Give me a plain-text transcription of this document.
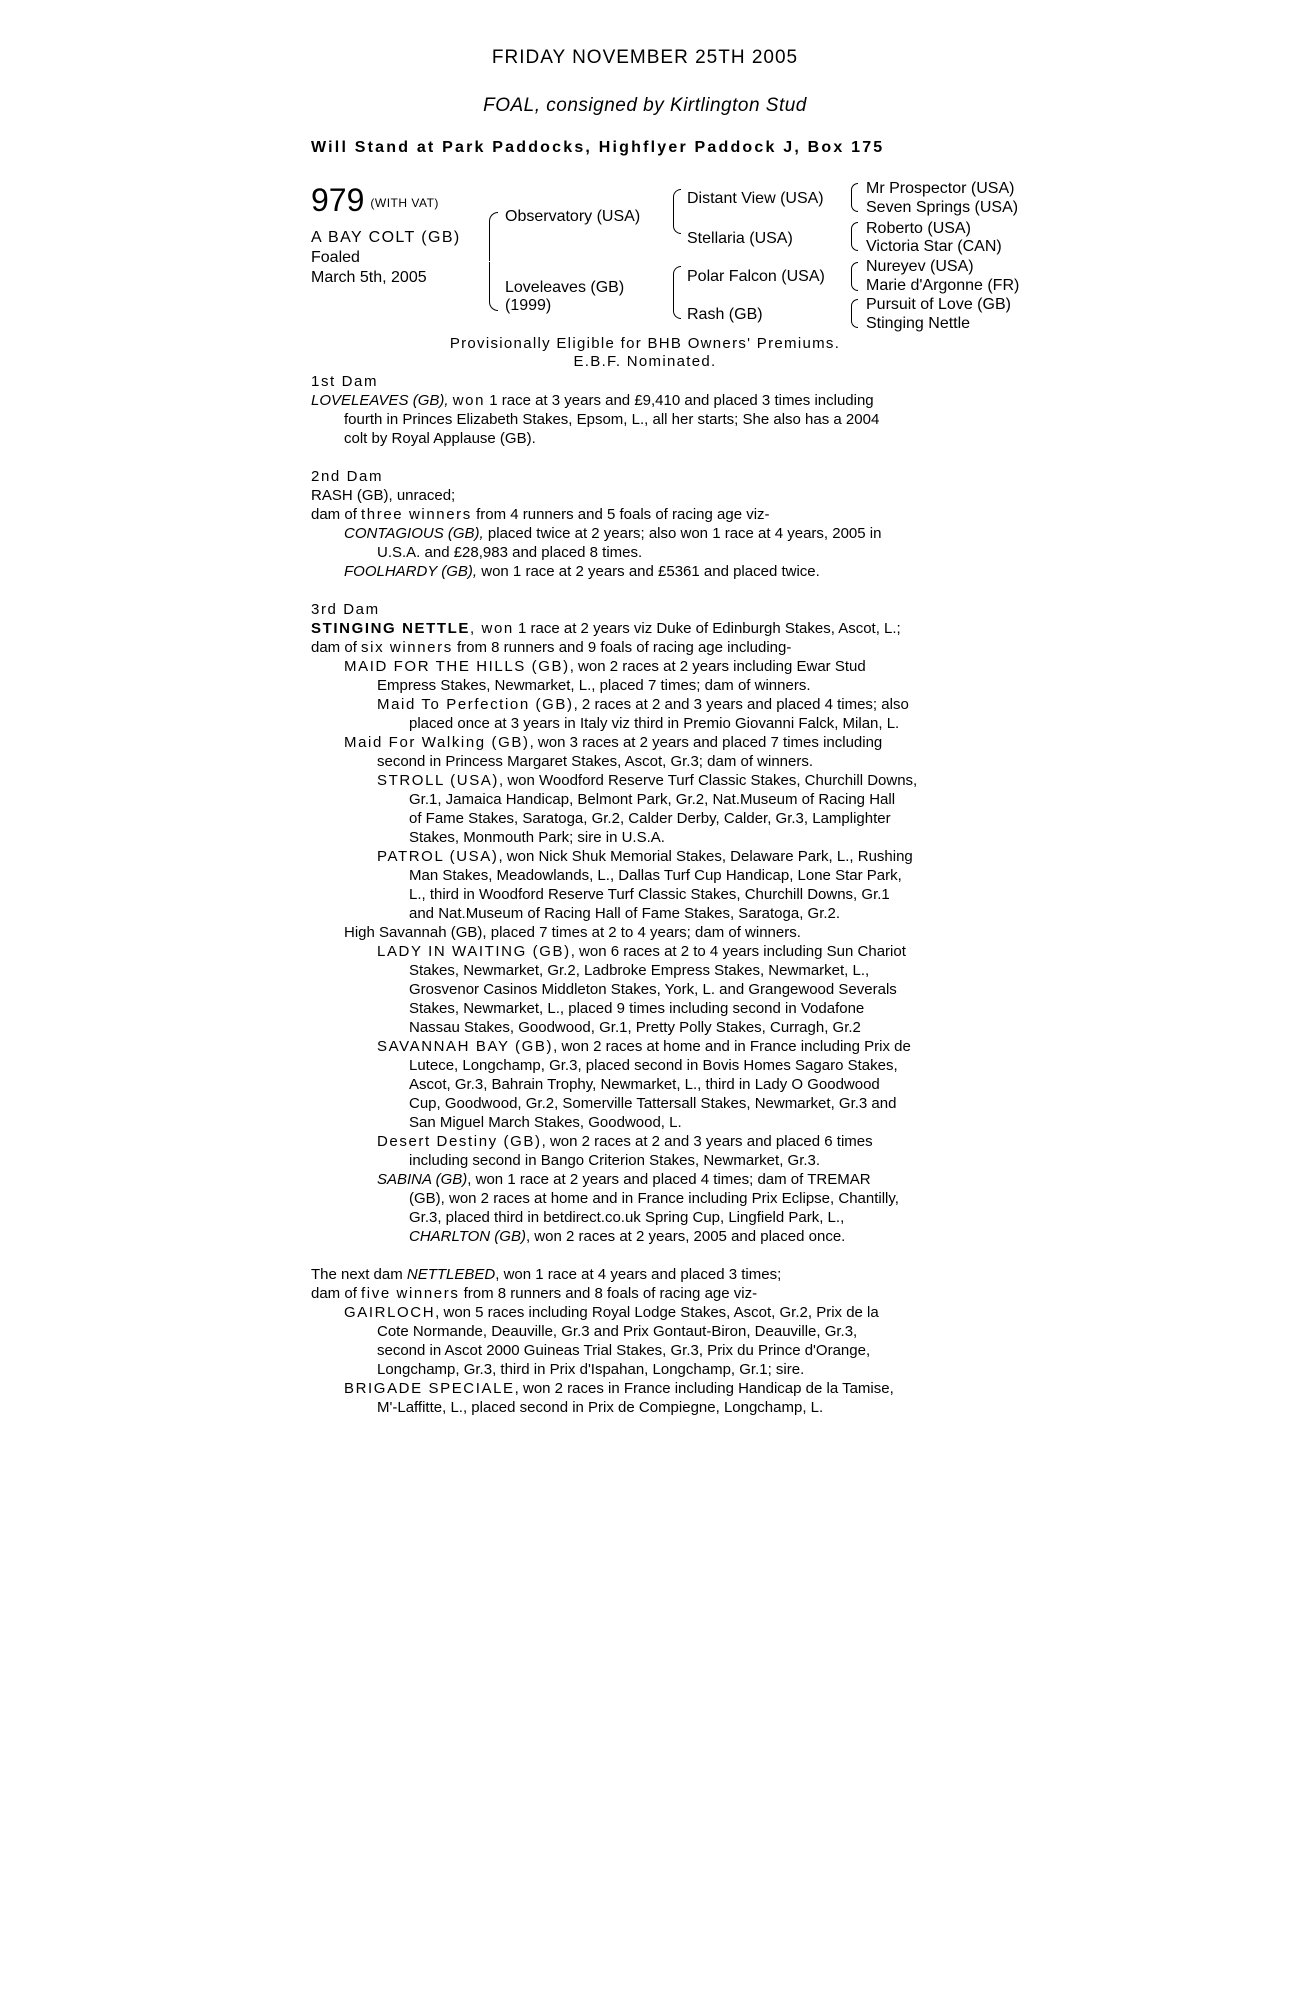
FRIDAY NOVEMBER 25TH 2005
FOAL, consigned by Kirtlington Stud
Will Stand at Park Paddocks, Highflyer Paddock J, Box 175
979 (WITH VAT)
A BAY COLT (GB)
Foaled
March 5th, 2005
Observatory (USA)
Loveleaves (GB)
(1999)
Distant View (USA)
Stellaria (USA)
Polar Falcon (USA)
Rash (GB)
Mr Prospector (USA)
Seven Springs (USA)
Roberto (USA)
Victoria Star (CAN)
Nureyev (USA)
Marie d'Argonne (FR)
Pursuit of Love (GB)
Stinging Nettle
Provisionally Eligible for BHB Owners' Premiums.
E.B.F. Nominated.
1st Dam
LOVELEAVES (GB), won 1 race at 3 years and £9,410 and placed 3 times including
fourth in Princes Elizabeth Stakes, Epsom, L., all her starts; She also has a 2004
colt by Royal Applause (GB).
2nd Dam
RASH (GB), unraced;
dam of three winners from 4 runners and 5 foals of racing age viz-
CONTAGIOUS (GB), placed twice at 2 years; also won 1 race at 4 years, 2005 in
U.S.A. and £28,983 and placed 8 times.
FOOLHARDY (GB), won 1 race at 2 years and £5361 and placed twice.
3rd Dam
STINGING NETTLE, won 1 race at 2 years viz Duke of Edinburgh Stakes, Ascot, L.;
dam of six winners from 8 runners and 9 foals of racing age including-
MAID FOR THE HILLS (GB), won 2 races at 2 years including Ewar Stud
Empress Stakes, Newmarket, L., placed 7 times; dam of winners.
Maid To Perfection (GB), 2 races at 2 and 3 years and placed 4 times; also
placed once at 3 years in Italy viz third in Premio Giovanni Falck, Milan, L.
Maid For Walking (GB), won 3 races at 2 years and placed 7 times including
second in Princess Margaret Stakes, Ascot, Gr.3; dam of winners.
STROLL (USA), won Woodford Reserve Turf Classic Stakes, Churchill Downs,
Gr.1, Jamaica Handicap, Belmont Park, Gr.2, Nat.Museum of Racing Hall
of Fame Stakes, Saratoga, Gr.2, Calder Derby, Calder, Gr.3, Lamplighter
Stakes, Monmouth Park; sire in U.S.A.
PATROL (USA), won Nick Shuk Memorial Stakes, Delaware Park, L., Rushing
Man Stakes, Meadowlands, L., Dallas Turf Cup Handicap, Lone Star Park,
L., third in Woodford Reserve Turf Classic Stakes, Churchill Downs, Gr.1
and Nat.Museum of Racing Hall of Fame Stakes, Saratoga, Gr.2.
High Savannah (GB), placed 7 times at 2 to 4 years; dam of winners.
LADY IN WAITING (GB), won 6 races at 2 to 4 years including Sun Chariot
Stakes, Newmarket, Gr.2, Ladbroke Empress Stakes, Newmarket, L.,
Grosvenor Casinos Middleton Stakes, York, L. and Grangewood Severals
Stakes, Newmarket, L., placed 9 times including second in Vodafone
Nassau Stakes, Goodwood, Gr.1, Pretty Polly Stakes, Curragh, Gr.2
SAVANNAH BAY (GB), won 2 races at home and in France including Prix de
Lutece, Longchamp, Gr.3, placed second in Bovis Homes Sagaro Stakes,
Ascot, Gr.3, Bahrain Trophy, Newmarket, L., third in Lady O Goodwood
Cup, Goodwood, Gr.2, Somerville Tattersall Stakes, Newmarket, Gr.3 and
San Miguel March Stakes, Goodwood, L.
Desert Destiny (GB), won 2 races at 2 and 3 years and placed 6 times
including second in Bango Criterion Stakes, Newmarket, Gr.3.
SABINA (GB), won 1 race at 2 years and placed 4 times; dam of TREMAR
(GB), won 2 races at home and in France including Prix Eclipse, Chantilly,
Gr.3, placed third in betdirect.co.uk Spring Cup, Lingfield Park, L.,
CHARLTON (GB), won 2 races at 2 years, 2005 and placed once.
The next dam NETTLEBED, won 1 race at 4 years and placed 3 times;
dam of five winners from 8 runners and 8 foals of racing age viz-
GAIRLOCH, won 5 races including Royal Lodge Stakes, Ascot, Gr.2, Prix de la
Cote Normande, Deauville, Gr.3 and Prix Gontaut-Biron, Deauville, Gr.3,
second in Ascot 2000 Guineas Trial Stakes, Gr.3, Prix du Prince d'Orange,
Longchamp, Gr.3, third in Prix d'Ispahan, Longchamp, Gr.1; sire.
BRIGADE SPECIALE, won 2 races in France including Handicap de la Tamise,
M'-Laffitte, L., placed second in Prix de Compiegne, Longchamp, L.
